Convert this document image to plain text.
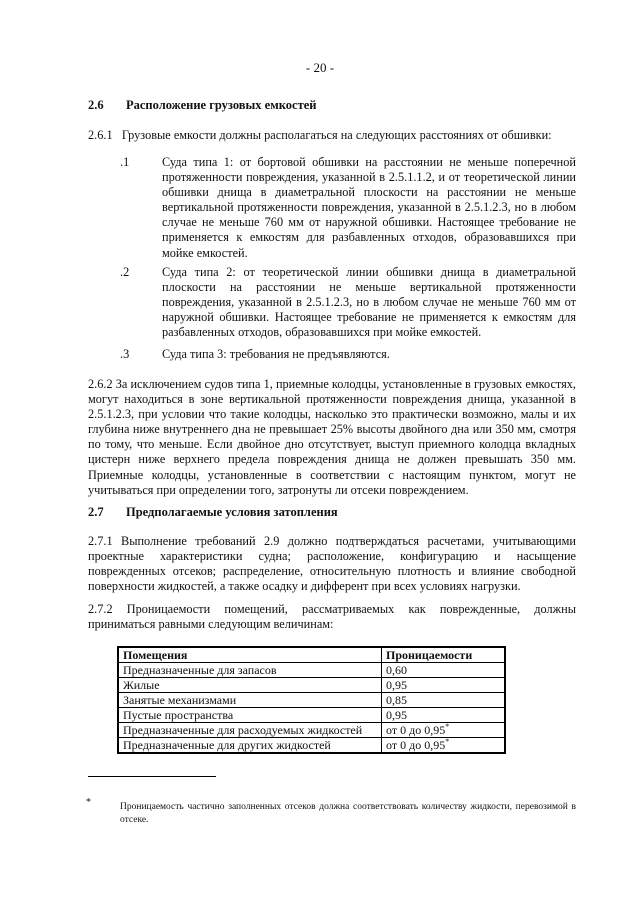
- 20 -
2.6 Расположение грузовых емкостей
2.6.1   Грузовые емкости должны располагаться на следующих расстояниях от обшивки:
.1	Суда типа 1: от бортовой обшивки на расстоянии не меньше поперечной протяженности повреждения, указанной в 2.5.1.1.2, и от теоретической линии обшивки днища в диаметральной плоскости на расстоянии не меньше вертикальной протяженности повреждения, указанной в 2.5.1.2.3, но в любом случае не меньше 760 мм от наружной обшивки. Настоящее требование не применяется к емкостям для разбавленных отходов, образовавшихся при мойке емкостей.
.2	Суда типа 2: от теоретической линии обшивки днища в диаметральной плоскости на расстоянии не меньше вертикальной протяженности повреждения, указанной в 2.5.1.2.3, но в любом случае не меньше 760 мм от наружной обшивки. Настоящее требование не применяется к емкостям для разбавленных отходов, образовавшихся при мойке емкостей.
.3	Суда типа 3: требования не предъявляются.
2.6.2 За исключением судов типа 1, приемные колодцы, установленные в грузовых емкостях, могут находиться в зоне вертикальной протяженности повреждения днища, указанной в 2.5.1.2.3, при условии что такие колодцы, насколько это практически возможно, малы и их глубина ниже внутреннего дна не превышает 25% высоты двойного дна или 350 мм, смотря по тому, что меньше. Если двойное дно отсутствует, выступ приемного колодца вкладных цистерн ниже верхнего предела повреждения днища не должен превышать 350 мм. Приемные колодцы, установленные в соответствии с настоящим пунктом, могут не учитываться при определении того, затронуты ли отсеки повреждением.
2.7 Предполагаемые условия затопления
2.7.1 Выполнение требований 2.9 должно подтверждаться расчетами, учитывающими проектные характеристики судна; расположение, конфигурацию и насыщение поврежденных отсеков; распределение, относительную плотность и влияние свободной поверхности жидкостей, а также осадку и дифферент при всех условиях нагрузки.
2.7.2 Проницаемости помещений, рассматриваемых как поврежденные, должны приниматься равными следующим величинам:
Помещения	Проницаемости
Предназначенные для запасов	0,60
Жилые	0,95
Занятые механизмами	0,85
Пустые пространства	0,95
Предназначенные для расходуемых жидкостей	от 0 до 0,95*
Предназначенные для других жидкостей	от 0 до 0,95*
*	Проницаемость частично заполненных отсеков должна соответствовать количеству жидкости, перевозимой в отсеке.
